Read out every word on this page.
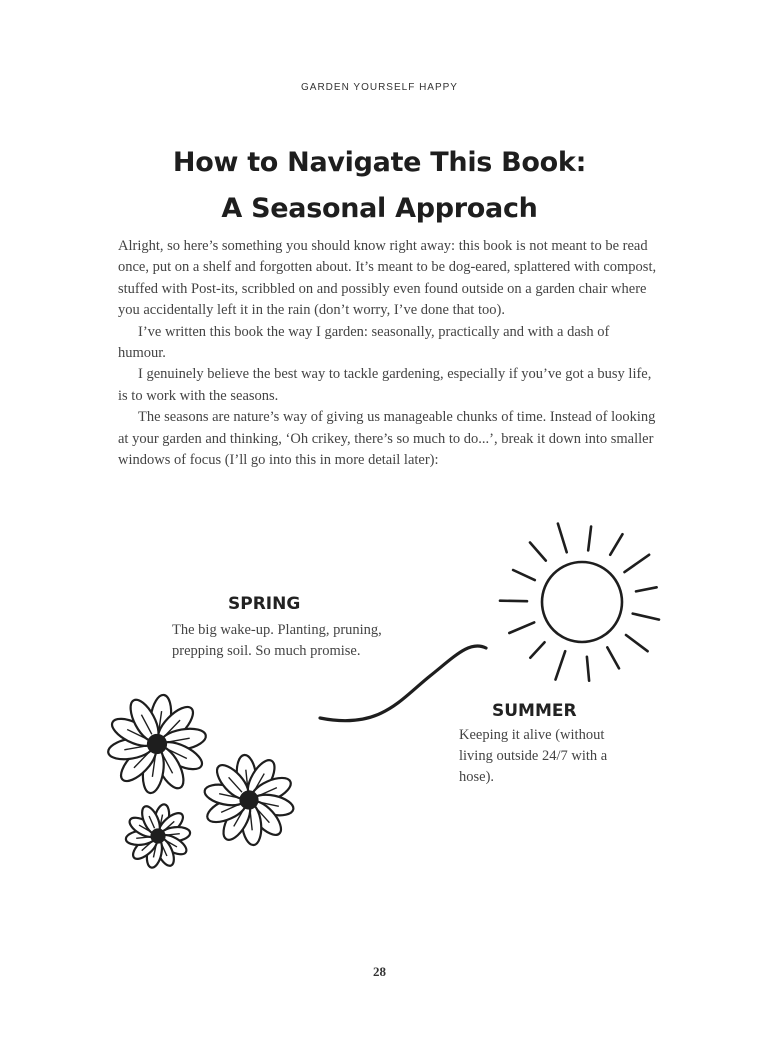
GARDEN YOURSELF HAPPY
How to Navigate This Book:
A Seasonal Approach

Alright, so here’s something you should know right away: this book is not meant to be read once, put on a shelf and forgotten about. It’s meant to be dog-eared, splattered with compost, stuffed with Post-its, scribbled on and possibly even found outside on a garden chair where you accidentally left it in the rain (don’t worry, I’ve done that too).

I’ve written this book the way I garden: seasonally, practically and with a dash of humour.

I genuinely believe the best way to tackle gardening, especially if you’ve got a busy life, is to work with the seasons.

The seasons are nature’s way of giving us manageable chunks of time. Instead of looking at your garden and thinking, ‘Oh crikey, there’s so much to do...’, break it down into smaller windows of focus (I’ll go into this in more detail later):

SPRING
The big wake-up. Planting, pruning, prepping soil. So much promise.
SUMMER
Keeping it alive (without living outside 24/7 with a hose).
28
